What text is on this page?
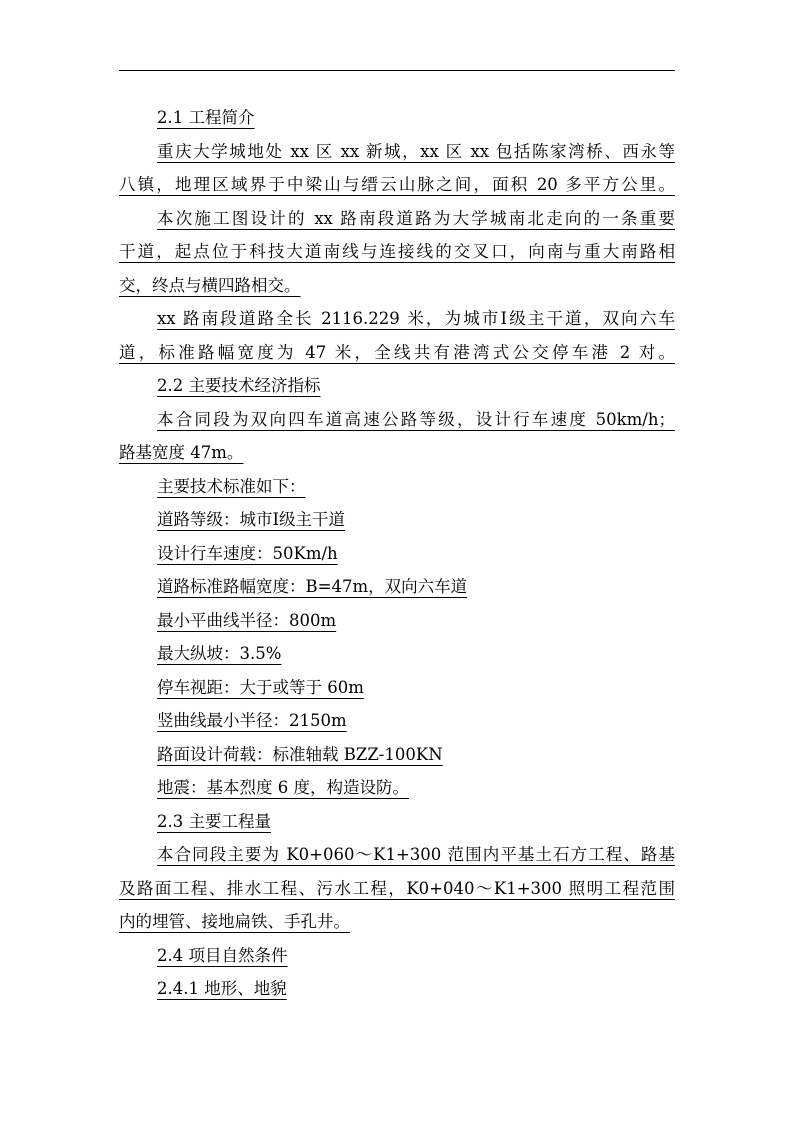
2.1 工程简介
重庆大学城地处 xx 区 xx 新城，xx 区 xx 包括陈家湾桥、西永等
八镇，地理区域界于中梁山与缙云山脉之间，面积 20 多平方公里。
本次施工图设计的 xx 路南段道路为大学城南北走向的一条重要
干道，起点位于科技大道南线与连接线的交叉口，向南与重大南路相
交，终点与横四路相交。
xx 路南段道路全长 2116.229 米，为城市Ⅰ级主干道，双向六车
道，标准路幅宽度为 47 米，全线共有港湾式公交停车港 2 对。
2.2 主要技术经济指标
本合同段为双向四车道高速公路等级，设计行车速度 50km/h；
路基宽度 47m。
主要技术标准如下：
道路等级：城市Ⅰ级主干道
设计行车速度：50Km/h
道路标准路幅宽度：B=47m，双向六车道
最小平曲线半径：800m
最大纵坡：3.5%
停车视距：大于或等于 60m
竖曲线最小半径：2150m
路面设计荷载：标准轴载 BZZ-100KN
地震：基本烈度 6 度，构造设防。
2.3 主要工程量
本合同段主要为 K0+060～K1+300 范围内平基土石方工程、路基
及路面工程、排水工程、污水工程，K0+040～K1+300 照明工程范围
内的埋管、接地扁铁、手孔井。
2.4 项目自然条件
2.4.1 地形、地貌
